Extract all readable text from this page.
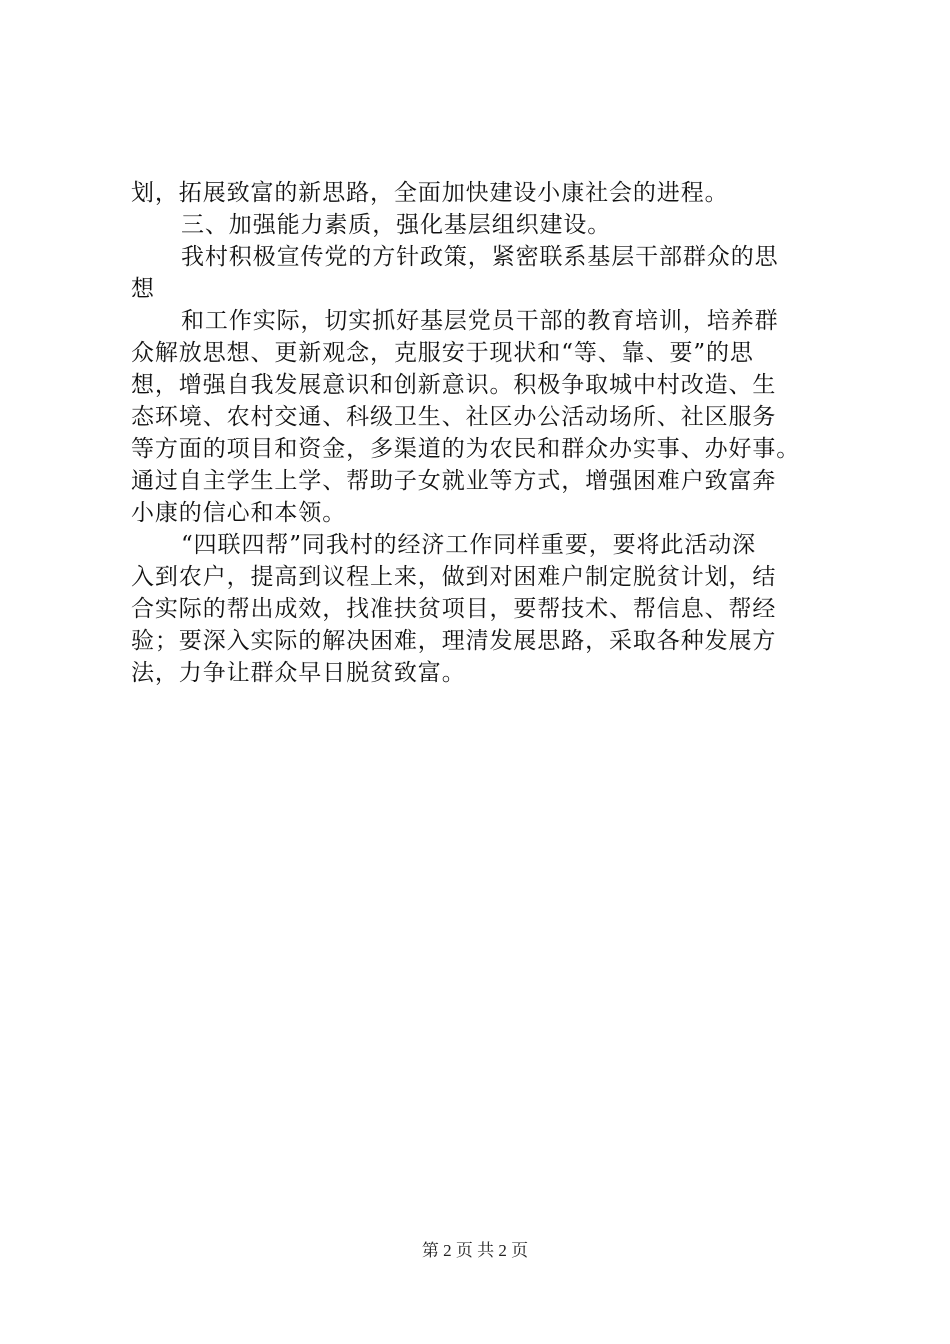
划，拓展致富的新思路，全面加快建设小康社会的进程。
三、加强能力素质，强化基层组织建设。
我村积极宣传党的方针政策，紧密联系基层干部群众的思
想
和工作实际，切实抓好基层党员干部的教育培训，培养群
众解放思想、更新观念，克服安于现状和“等、靠、要”的思
想，增强自我发展意识和创新意识。积极争取城中村改造、生
态环境、农村交通、科级卫生、社区办公活动场所、社区服务
等方面的项目和资金，多渠道的为农民和群众办实事、办好事。
通过自主学生上学、帮助子女就业等方式，增强困难户致富奔
小康的信心和本领。
“四联四帮”同我村的经济工作同样重要，要将此活动深
入到农户，提高到议程上来，做到对困难户制定脱贫计划，结
合实际的帮出成效，找准扶贫项目，要帮技术、帮信息、帮经
验；要深入实际的解决困难，理清发展思路，采取各种发展方
法，力争让群众早日脱贫致富。
第 2 页 共 2 页
